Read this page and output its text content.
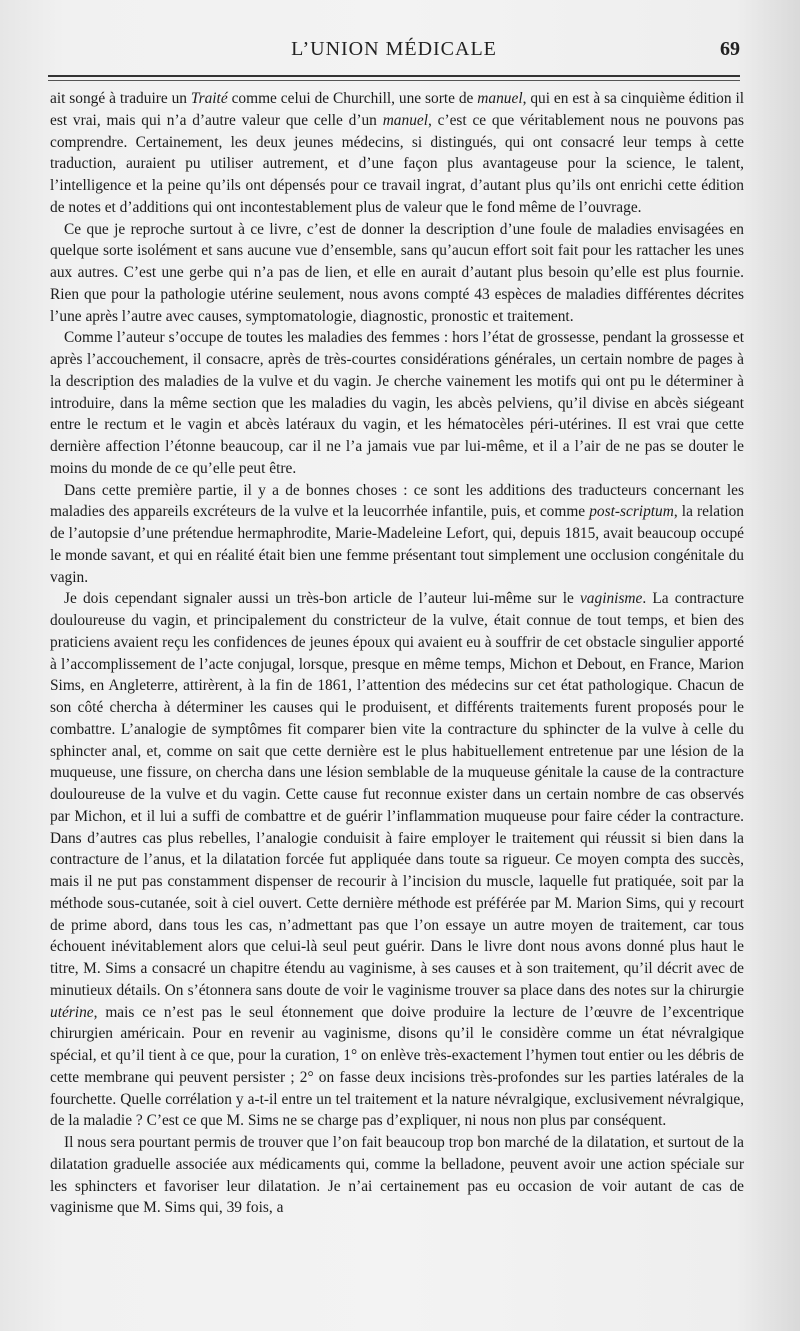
L’UNION MÉDICALE	69

ait songé à traduire un Traité comme celui de Churchill, une sorte de manuel, qui en est à sa cinquième édition il est vrai, mais qui n’a d’autre valeur que celle d’un manuel, c’est ce que véritablement nous ne pouvons pas comprendre. Certainement, les deux jeunes médecins, si distingués, qui ont consacré leur temps à cette traduction, auraient pu utiliser autrement, et d’une façon plus avantageuse pour la science, le talent, l’intelligence et la peine qu’ils ont dépensés pour ce travail ingrat, d’autant plus qu’ils ont enrichi cette édition de notes et d’additions qui ont incontestablement plus de valeur que le fond même de l’ouvrage.

Ce que je reproche surtout à ce livre, c’est de donner la description d’une foule de maladies envisagées en quelque sorte isolément et sans aucune vue d’ensemble, sans qu’aucun effort soit fait pour les rattacher les unes aux autres. C’est une gerbe qui n’a pas de lien, et elle en aurait d’autant plus besoin qu’elle est plus fournie. Rien que pour la pathologie utérine seulement, nous avons compté 43 espèces de maladies différentes décrites l’une après l’autre avec causes, symptomatologie, diagnostic, pronostic et traitement.

Comme l’auteur s’occupe de toutes les maladies des femmes : hors l’état de grossesse, pendant la grossesse et après l’accouchement, il consacre, après de très-courtes considérations générales, un certain nombre de pages à la description des maladies de la vulve et du vagin. Je cherche vainement les motifs qui ont pu le déterminer à introduire, dans la même section que les maladies du vagin, les abcès pelviens, qu’il divise en abcès siégeant entre le rectum et le vagin et abcès latéraux du vagin, et les hématocèles péri-utérines. Il est vrai que cette dernière affection l’étonne beaucoup, car il ne l’a jamais vue par lui-même, et il a l’air de ne pas se douter le moins du monde de ce qu’elle peut être.

Dans cette première partie, il y a de bonnes choses : ce sont les additions des traducteurs concernant les maladies des appareils excréteurs de la vulve et la leucorrhée infantile, puis, et comme post-scriptum, la relation de l’autopsie d’une prétendue hermaphrodite, Marie-Madeleine Lefort, qui, depuis 1815, avait beaucoup occupé le monde savant, et qui en réalité était bien une femme présentant tout simplement une occlusion congénitale du vagin.

Je dois cependant signaler aussi un très-bon article de l’auteur lui-même sur le vaginisme. La contracture douloureuse du vagin, et principalement du constricteur de la vulve, était connue de tout temps, et bien des praticiens avaient reçu les confidences de jeunes époux qui avaient eu à souffrir de cet obstacle singulier apporté à l’accomplissement de l’acte conjugal, lorsque, presque en même temps, Michon et Debout, en France, Marion Sims, en Angleterre, attirèrent, à la fin de 1861, l’attention des médecins sur cet état pathologique. Chacun de son côté chercha à déterminer les causes qui le produisent, et différents traitements furent proposés pour le combattre. L’analogie de symptômes fit comparer bien vite la contracture du sphincter de la vulve à celle du sphincter anal, et, comme on sait que cette dernière est le plus habituellement entretenue par une lésion de la muqueuse, une fissure, on chercha dans une lésion semblable de la muqueuse génitale la cause de la contracture douloureuse de la vulve et du vagin. Cette cause fut reconnue exister dans un certain nombre de cas observés par Michon, et il lui a suffi de combattre et de guérir l’inflammation muqueuse pour faire céder la contracture. Dans d’autres cas plus rebelles, l’analogie conduisit à faire employer le traitement qui réussit si bien dans la contracture de l’anus, et la dilatation forcée fut appliquée dans toute sa rigueur. Ce moyen compta des succès, mais il ne put pas constamment dispenser de recourir à l’incision du muscle, laquelle fut pratiquée, soit par la méthode sous-cutanée, soit à ciel ouvert. Cette dernière méthode est préférée par M. Marion Sims, qui y recourt de prime abord, dans tous les cas, n’admettant pas que l’on essaye un autre moyen de traitement, car tous échouent inévitablement alors que celui-là seul peut guérir. Dans le livre dont nous avons donné plus haut le titre, M. Sims a consacré un chapitre étendu au vaginisme, à ses causes et à son traitement, qu’il décrit avec de minutieux détails. On s’étonnera sans doute de voir le vaginisme trouver sa place dans des notes sur la chirurgie utérine, mais ce n’est pas le seul étonnement que doive produire la lecture de l’œuvre de l’excentrique chirurgien américain. Pour en revenir au vaginisme, disons qu’il le considère comme un état névralgique spécial, et qu’il tient à ce que, pour la curation, 1° on enlève très-exactement l’hymen tout entier ou les débris de cette membrane qui peuvent persister ; 2° on fasse deux incisions très-profondes sur les parties latérales de la fourchette. Quelle corrélation y a-t-il entre un tel traitement et la nature névralgique, exclusivement névralgique, de la maladie ? C’est ce que M. Sims ne se charge pas d’expliquer, ni nous non plus par conséquent.

Il nous sera pourtant permis de trouver que l’on fait beaucoup trop bon marché de la dilatation, et surtout de la dilatation graduelle associée aux médicaments qui, comme la belladone, peuvent avoir une action spéciale sur les sphincters et favoriser leur dilatation. Je n’ai certainement pas eu occasion de voir autant de cas de vaginisme que M. Sims qui, 39 fois, a
